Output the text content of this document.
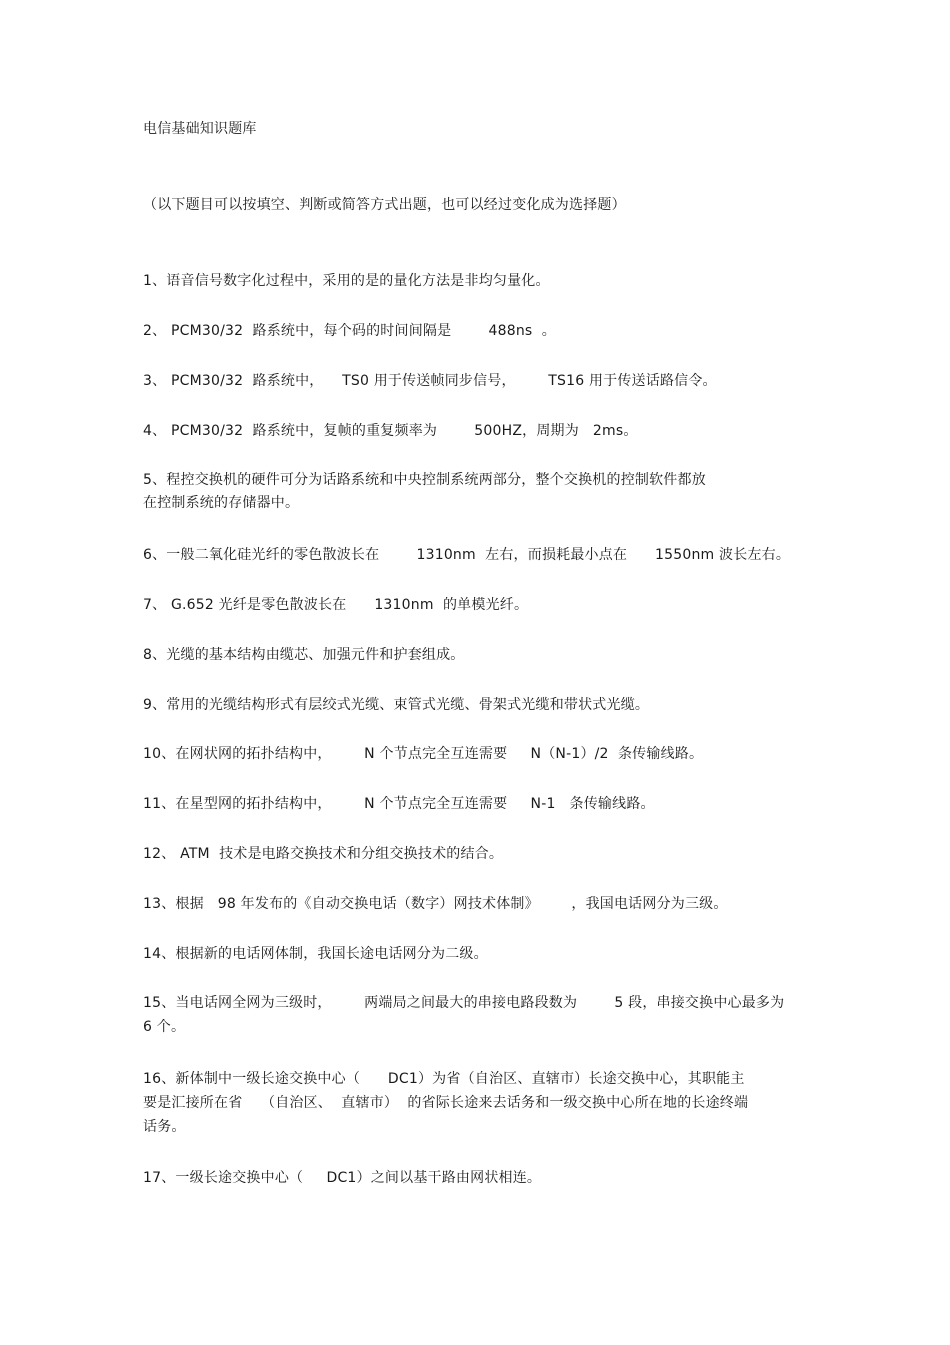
电信基础知识题库

（以下题目可以按填空、判断或简答方式出题，也可以经过变化成为选择题）

1、语音信号数字化过程中，采用的是的量化方法是非均匀量化。

2、 PCM30/32  路系统中，每个码的时间间隔是        488ns  。

3、 PCM30/32  路系统中，    TS0 用于传送帧同步信号，       TS16 用于传送话路信令。

4、 PCM30/32  路系统中，复帧的重复频率为        500HZ，周期为   2ms。

5、程控交换机的硬件可分为话路系统和中央控制系统两部分，整个交换机的控制软件都放

在控制系统的存储器中。

6、一般二氧化硅光纤的零色散波长在        1310nm  左右，而损耗最小点在      1550nm 波长左右。

7、 G.652 光纤是零色散波长在      1310nm  的单模光纤。

8、光缆的基本结构由缆芯、加强元件和护套组成。

9、常用的光缆结构形式有层绞式光缆、束管式光缆、骨架式光缆和带状式光缆。

10、在网状网的拓扑结构中，       N 个节点完全互连需要     N（N-1）/2  条传输线路。

11、在星型网的拓扑结构中，       N 个节点完全互连需要     N-1   条传输线路。

12、 ATM  技术是电路交换技术和分组交换技术的结合。

13、根据   98 年发布的《自动交换电话（数字）网技术体制》       ，我国电话网分为三级。

14、根据新的电话网体制，我国长途电话网分为二级。

15、当电话网全网为三级时，       两端局之间最大的串接电路段数为        5 段，串接交换中心最多为

6 个。

16、新体制中一级长途交换中心（      DC1）为省（自治区、直辖市）长途交换中心，其职能主

要是汇接所在省    （自治区、  直辖市）  的省际长途来去话务和一级交换中心所在地的长途终端

话务。

17、一级长途交换中心（     DC1）之间以基干路由网状相连。
